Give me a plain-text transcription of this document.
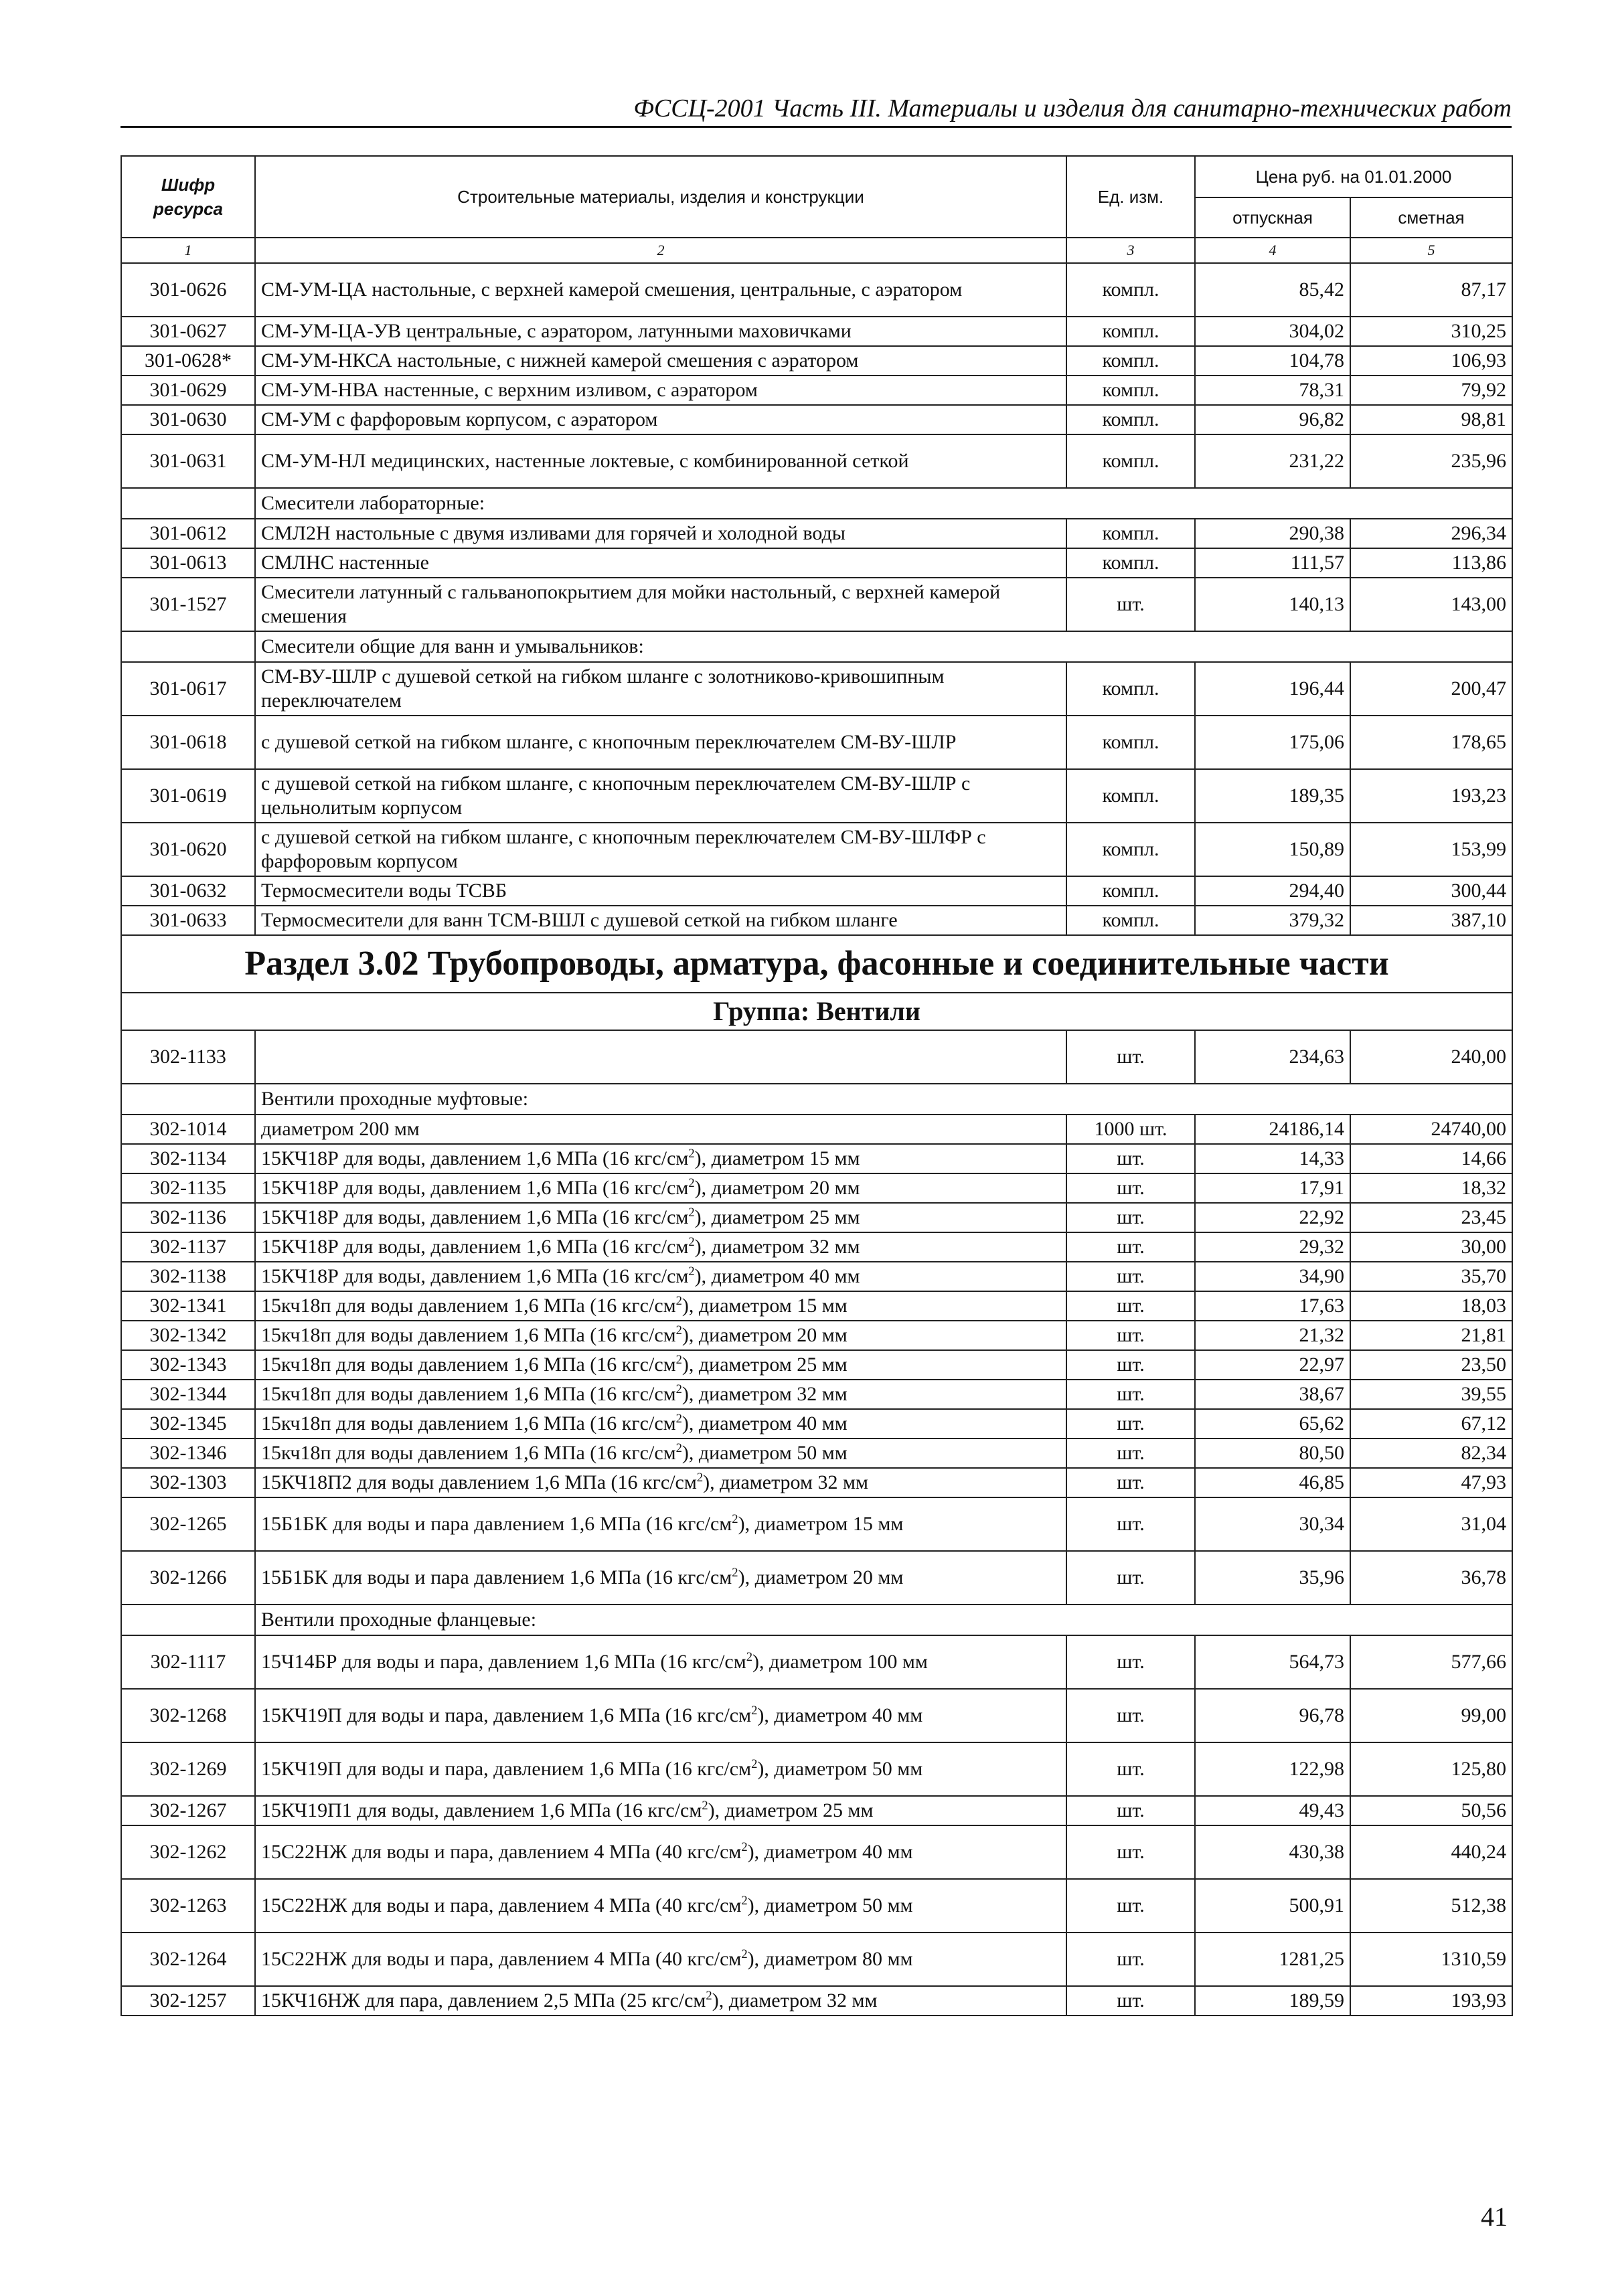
ФССЦ-2001 Часть III. Материалы и изделия для санитарно-технических работ
Шифр ресурса	Строительные материалы, изделия и конструкции	Ед. изм.	Цена руб. на 01.01.2000	
			отпускная	сметная
1	2	3	4	5
301-0626	СМ-УМ-ЦА настольные, с верхней камерой смешения, центральные, с аэратором	компл.	85,42	87,17
301-0627	СМ-УМ-ЦА-УВ центральные, с аэратором, латунными маховичками	компл.	304,02	310,25
301-0628*	СМ-УМ-НКСА настольные, с нижней камерой смешения с аэратором	компл.	104,78	106,93
301-0629	СМ-УМ-НВА настенные, с верхним изливом, с аэратором	компл.	78,31	79,92
301-0630	СМ-УМ с фарфоровым корпусом, с аэратором	компл.	96,82	98,81
301-0631	СМ-УМ-НЛ медицинских, настенные локтевые, с комбинированной сеткой	компл.	231,22	235,96
	Смесители лабораторные:			
301-0612	СМЛ2Н настольные с двумя изливами для горячей и холодной воды	компл.	290,38	296,34
301-0613	СМЛНС настенные	компл.	111,57	113,86
301-1527	Смесители латунный с гальванопокрытием для мойки настольный, с верхней камерой смешения	шт.	140,13	143,00
	Смесители общие для ванн и умывальников:			
301-0617	СМ-ВУ-ШЛР с душевой сеткой на гибком шланге с золотниково-кривошипным переключателем	компл.	196,44	200,47
301-0618	с душевой сеткой на гибком шланге, с кнопочным переключателем СМ-ВУ-ШЛР	компл.	175,06	178,65
301-0619	с душевой сеткой на гибком шланге, с кнопочным переключателем СМ-ВУ-ШЛР с цельнолитым корпусом	компл.	189,35	193,23
301-0620	с душевой сеткой на гибком шланге, с кнопочным переключателем СМ-ВУ-ШЛФР с фарфоровым корпусом	компл.	150,89	153,99
301-0632	Термосмесители воды ТСВБ	компл.	294,40	300,44
301-0633	Термосмесители для ванн ТСМ-ВШЛ с душевой сеткой на гибком шланге	компл.	379,32	387,10
Раздел 3.02 Трубопроводы, арматура, фасонные и соединительные части				
Группа: Вентили				
302-1133		шт.	234,63	240,00
	Вентили проходные муфтовые:			
302-1014	диаметром 200 мм	1000 шт.	24186,14	24740,00
302-1134	15КЧ18Р для воды, давлением 1,6 МПа (16 кгс/$см^2$), диаметром 15 мм	шт.	14,33	14,66
302-1135	15КЧ18Р для воды, давлением 1,6 МПа (16 кгс/$см^2$), диаметром 20 мм	шт.	17,91	18,32
302-1136	15КЧ18Р для воды, давлением 1,6 МПа (16 кгс/$см^2$), диаметром 25 мм	шт.	22,92	23,45
302-1137	15КЧ18Р для воды, давлением 1,6 МПа (16 кгс/$см^2$), диаметром 32 мм	шт.	29,32	30,00
302-1138	15КЧ18Р для воды, давлением 1,6 МПа (16 кгс/$см^2$), диаметром 40 мм	шт.	34,90	35,70
302-1341	15кч18п для воды давлением 1,6 МПа (16 кгс/$см^2$), диаметром 15 мм	шт.	17,63	18,03
302-1342	15кч18п для воды давлением 1,6 МПа (16 кгс/$см^2$), диаметром 20 мм	шт.	21,32	21,81
302-1343	15кч18п для воды давлением 1,6 МПа (16 кгс/$см^2$), диаметром 25 мм	шт.	22,97	23,50
302-1344	15кч18п для воды давлением 1,6 МПа (16 кгс/$см^2$), диаметром 32 мм	шт.	38,67	39,55
302-1345	15кч18п для воды давлением 1,6 МПа (16 кгс/$см^2$), диаметром 40 мм	шт.	65,62	67,12
302-1346	15кч18п для воды давлением 1,6 МПа (16 кгс/$см^2$), диаметром 50 мм	шт.	80,50	82,34
302-1303	15КЧ18П2 для воды давлением 1,6 МПа (16 кгс/$см^2$), диаметром 32 мм	шт.	46,85	47,93
302-1265	15Б1БК для воды и пара давлением 1,6 МПа (16 кгс/$см^2$), диаметром 15 мм	шт.	30,34	31,04
302-1266	15Б1БК для воды и пара давлением 1,6 МПа (16 кгс/$см^2$), диаметром 20 мм	шт.	35,96	36,78
	Вентили проходные фланцевые:			
302-1117	15Ч14БР для воды и пара, давлением 1,6 МПа (16 кгс/$см^2$), диаметром 100 мм	шт.	564,73	577,66
302-1268	15КЧ19П для воды и пара, давлением 1,6 МПа (16 кгс/$см^2$), диаметром 40 мм	шт.	96,78	99,00
302-1269	15КЧ19П для воды и пара, давлением 1,6 МПа (16 кгс/$см^2$), диаметром 50 мм	шт.	122,98	125,80
302-1267	15КЧ19П1 для воды, давлением 1,6 МПа (16 кгс/$см^2$), диаметром 25 мм	шт.	49,43	50,56
302-1262	15С22НЖ для воды и пара, давлением 4 МПа (40 кгс/$см^2$), диаметром 40 мм	шт.	430,38	440,24
302-1263	15С22НЖ для воды и пара, давлением 4 МПа (40 кгс/$см^2$), диаметром 50 мм	шт.	500,91	512,38
302-1264	15С22НЖ для воды и пара, давлением 4 МПа (40 кгс/$см^2$), диаметром 80 мм	шт.	1281,25	1310,59
302-1257	15КЧ16НЖ для пара, давлением 2,5 МПа (25 кгс/$см^2$), диаметром 32 мм	шт.	189,59	193,93
41
